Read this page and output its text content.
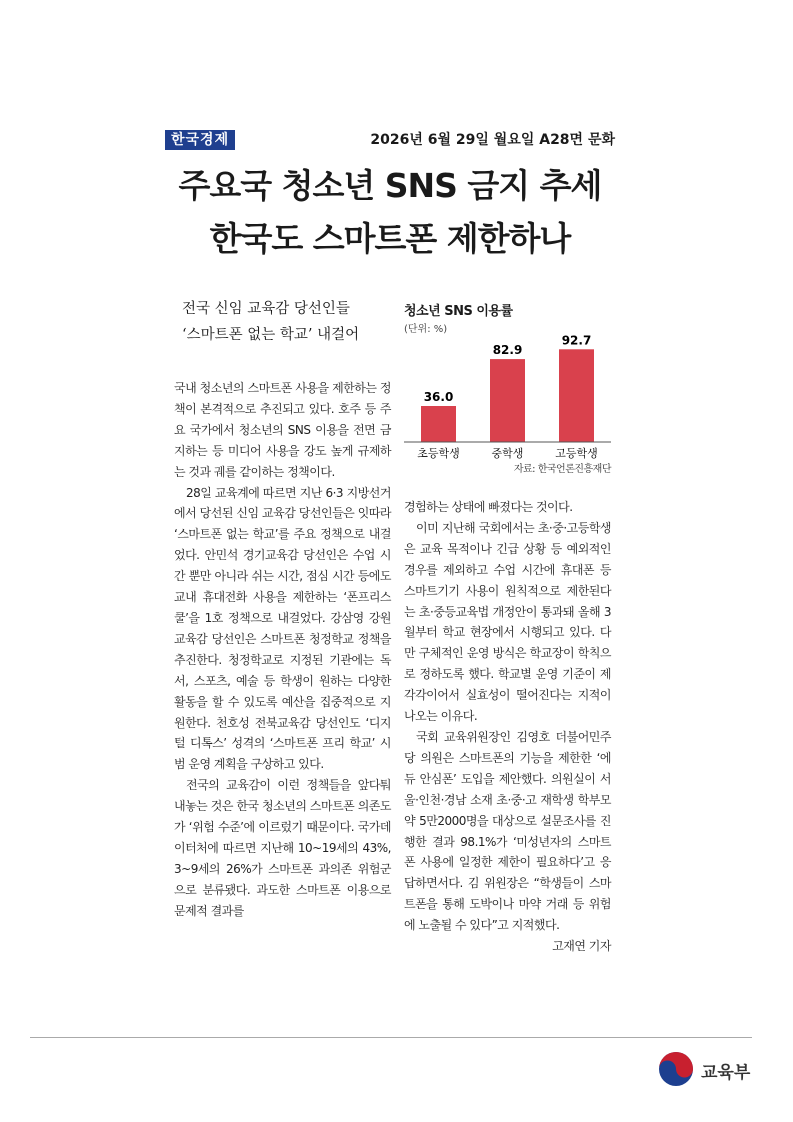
한국경제	2026년 6월 29일 월요일 A28면 문화
주요국 청소년 SNS 금지 추세
한국도 스마트폰 제한하나
전국 신임 교육감 당선인들
‘스마트폰 없는 학교’ 내걸어

국내 청소년의 스마트폰 사용을 제한하는 정책이 본격적으로 추진되고 있다. 호주 등 주요 국가에서 청소년의 SNS 이용을 전면 금지하는 등 미디어 사용을 강도 높게 규제하는 것과 궤를 같이하는 정책이다.

28일 교육계에 따르면 지난 6·3 지방선거에서 당선된 신임 교육감 당선인들은 잇따라 ‘스마트폰 없는 학교’를 주요 정책으로 내걸었다. 안민석 경기교육감 당선인은 수업 시간 뿐만 아니라 쉬는 시간, 점심 시간 등에도 교내 휴대전화 사용을 제한하는 ‘폰프리스쿨’을 1호 정책으로 내걸었다. 강삼영 강원교육감 당선인은 스마트폰 청정학교 정책을 추진한다. 청정학교로 지정된 기관에는 독서, 스포츠, 예술 등 학생이 원하는 다양한 활동을 할 수 있도록 예산을 집중적으로 지원한다. 천호성 전북교육감 당선인도 ‘디지털 디톡스’ 성격의 ‘스마트폰 프리 학교’ 시범 운영 계획을 구상하고 있다.

전국의 교육감이 이런 정책들을 앞다퉈 내놓는 것은 한국 청소년의 스마트폰 의존도가 ‘위험 수준’에 이르렀기 때문이다. 국가데이터처에 따르면 지난해 10~19세의 43%, 3~9세의 26%가 스마트폰 과의존 위험군으로 분류됐다. 과도한 스마트폰 이용으로 문제적 결과를

청소년 SNS 이용률
(단위: %)
36.0
초등학생
82.9
중학생
92.7
고등학생
자료: 한국언론진흥재단

경험하는 상태에 빠졌다는 것이다.

이미 지난해 국회에서는 초·중·고등학생은 교육 목적이나 긴급 상황 등 예외적인 경우를 제외하고 수업 시간에 휴대폰 등 스마트기기 사용이 원칙적으로 제한된다는 초·중등교육법 개정안이 통과돼 올해 3월부터 학교 현장에서 시행되고 있다. 다만 구체적인 운영 방식은 학교장이 학칙으로 정하도록 했다. 학교별 운영 기준이 제각각이어서 실효성이 떨어진다는 지적이 나오는 이유다.

국회 교육위원장인 김영호 더불어민주당 의원은 스마트폰의 기능을 제한한 ‘에듀 안심폰’ 도입을 제안했다. 의원실이 서울·인천·경남 소재 초·중·고 재학생 학부모 약 5만2000명을 대상으로 설문조사를 진행한 결과 98.1%가 ‘미성년자의 스마트폰 사용에 일정한 제한이 필요하다’고 응답하면서다. 김 위원장은 “학생들이 스마트폰을 통해 도박이나 마약 거래 등 위험에 노출될 수 있다”고 지적했다.
고재연 기자

교육부
